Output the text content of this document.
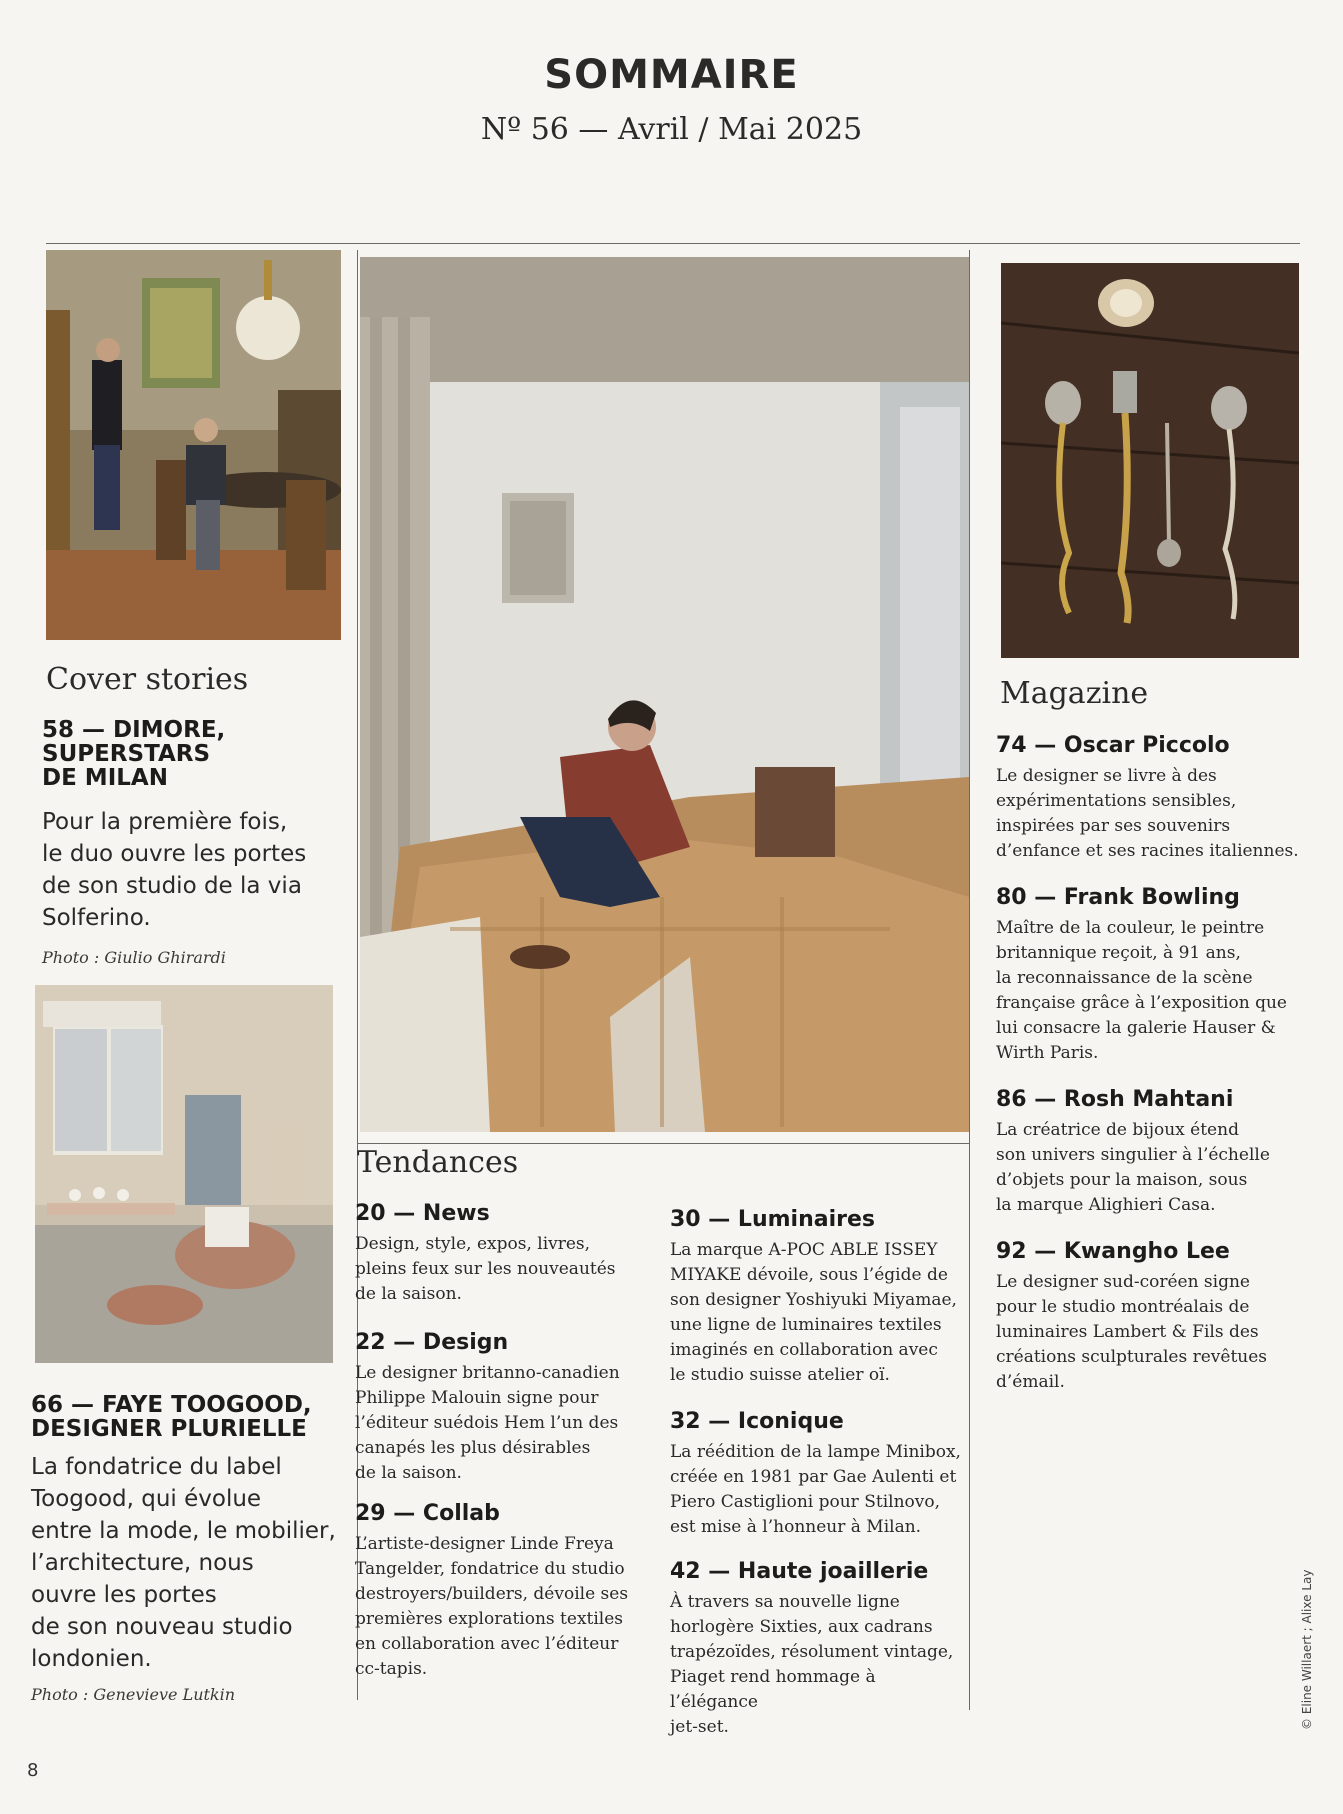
SOMMAIRE
Nº 56 — Avril / Mai 2025
Cover stories
58 — DIMORE,
SUPERSTARS
DE MILAN
Pour la première fois,
le duo ouvre les portes
de son studio de la via
Solferino.
Photo : Giulio Ghirardi
66 — FAYE TOOGOOD,
DESIGNER PLURIELLE
La fondatrice du label
Toogood, qui évolue
entre la mode, le mobilier,
l’architecture, nous
ouvre les portes
de son nouveau studio
londonien.
Photo : Genevieve Lutkin
Tendances
20 — News
Design, style, expos, livres,
pleins feux sur les nouveautés
de la saison.
22 — Design
Le designer britanno-canadien
Philippe Malouin signe pour
l’éditeur suédois Hem l’un des
canapés les plus désirables
de la saison.
29 — Collab
L’artiste-designer Linde Freya
Tangelder, fondatrice du studio
destroyers/builders, dévoile ses
premières explorations textiles
en collaboration avec l’éditeur
cc-tapis.
30 — Luminaires
La marque A-POC ABLE ISSEY
MIYAKE dévoile, sous l’égide de
son designer Yoshiyuki Miyamae,
une ligne de luminaires textiles
imaginés en collaboration avec
le studio suisse atelier oï.
32 — Iconique
La réédition de la lampe Minibox,
créée en 1981 par Gae Aulenti et
Piero Castiglioni pour Stilnovo,
est mise à l’honneur à Milan.
42 — Haute joaillerie
À travers sa nouvelle ligne
horlogère Sixties, aux cadrans
trapézoïdes, résolument vintage,
Piaget rend hommage à l’élégance
jet-set.
Magazine
74 — Oscar Piccolo
Le designer se livre à des
expérimentations sensibles,
inspirées par ses souvenirs
d’enfance et ses racines italiennes.
80 — Frank Bowling
Maître de la couleur, le peintre
britannique reçoit, à 91 ans,
la reconnaissance de la scène
française grâce à l’exposition que
lui consacre la galerie Hauser &
Wirth Paris.
86 — Rosh Mahtani
La créatrice de bijoux étend
son univers singulier à l’échelle
d’objets pour la maison, sous
la marque Alighieri Casa.
92 — Kwangho Lee
Le designer sud-coréen signe
pour le studio montréalais de
luminaires Lambert & Fils des
créations sculpturales revêtues
d’émail.
© Eline Willaert ; Alixe Lay
8
